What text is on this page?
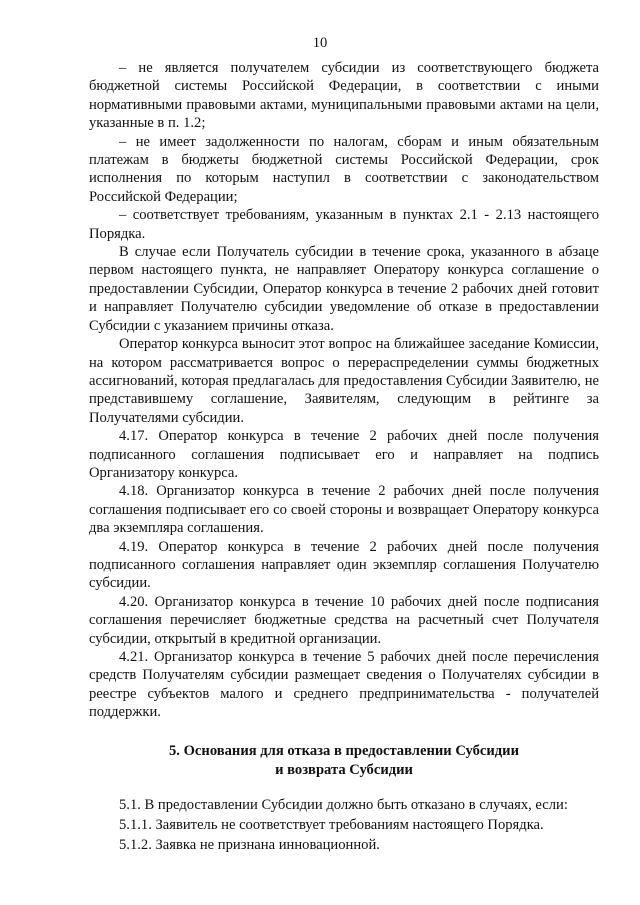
10

– не является получателем субсидии из соответствующего бюджета бюджетной системы Российской Федерации, в соответствии с иными нормативными правовыми актами, муниципальными правовыми актами на цели, указанные в п. 1.2;

– не имеет задолженности по налогам, сборам и иным обязательным платежам в бюджеты бюджетной системы Российской Федерации, срок исполнения по которым наступил в соответствии с законодательством Российской Федерации;

– соответствует требованиям, указанным в пунктах 2.1 - 2.13 настоящего Порядка.

В случае если Получатель субсидии в течение срока, указанного в абзаце первом настоящего пункта, не направляет Оператору конкурса соглашение о предоставлении Субсидии, Оператор конкурса в течение 2 рабочих дней готовит и направляет Получателю субсидии уведомление об отказе в предоставлении Субсидии с указанием причины отказа.

Оператор конкурса выносит этот вопрос на ближайшее заседание Комиссии, на котором рассматривается вопрос о перераспределении суммы бюджетных ассигнований, которая предлагалась для предоставления Субсидии Заявителю, не представившему соглашение, Заявителям, следующим в рейтинге за Получателями субсидии.

4.17. Оператор конкурса в течение 2 рабочих дней после получения подписанного соглашения подписывает его и направляет на подпись Организатору конкурса.

4.18. Организатор конкурса в течение 2 рабочих дней после получения соглашения подписывает его со своей стороны и возвращает Оператору конкурса два экземпляра соглашения.

4.19. Оператор конкурса в течение 2 рабочих дней после получения подписанного соглашения направляет один экземпляр соглашения Получателю субсидии.

4.20. Организатор конкурса в течение 10 рабочих дней после подписания соглашения перечисляет бюджетные средства на расчетный счет Получателя субсидии, открытый в кредитной организации.

4.21. Организатор конкурса в течение 5 рабочих дней после перечисления средств Получателям субсидии размещает сведения о Получателях субсидии в реестре субъектов малого и среднего предпринимательства - получателей поддержки.

5. Основания для отказа в предоставлении Субсидии
и возврата Субсидии

5.1. В предоставлении Субсидии должно быть отказано в случаях, если:

5.1.1. Заявитель не соответствует требованиям настоящего Порядка.

5.1.2. Заявка не признана инновационной.
